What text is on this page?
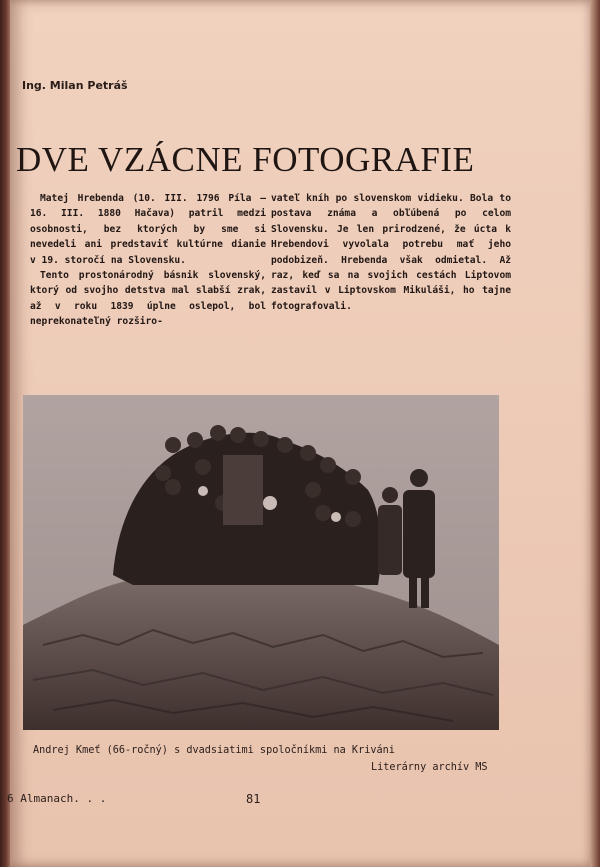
Ing. Milan Petráš
DVE VZÁCNE FOTOGRAFIE

Matej Hrebenda (10. III. 1796 Píla — 16. III. 1880 Hačava) patril medzi osobnosti, bez ktorých by sme si nevedeli ani predstaviť kultúrne dianie v 19. storočí na Slovensku.

Tento prostonárodný básnik slovenský, ktorý od svojho detstva mal slabší zrak, až v roku 1839 úplne oslepol, bol neprekonateľný rozširo-

vateľ kníh po slovenskom vidieku. Bola to postava známa a obľúbená po celom Slovensku. Je len prirodzené, že úcta k Hrebendovi vyvolala potrebu mať jeho podobizeň. Hrebenda však odmietal. Až raz, keď sa na svojich cestách Liptovom zastavil v Liptovskom Mikuláši, ho tajne fotografovali.

Andrej Kmeť (66-ročný) s dvadsiatimi spoločníkmi na Kriváni
Literárny archív MS
6 Almanach. . .	81
